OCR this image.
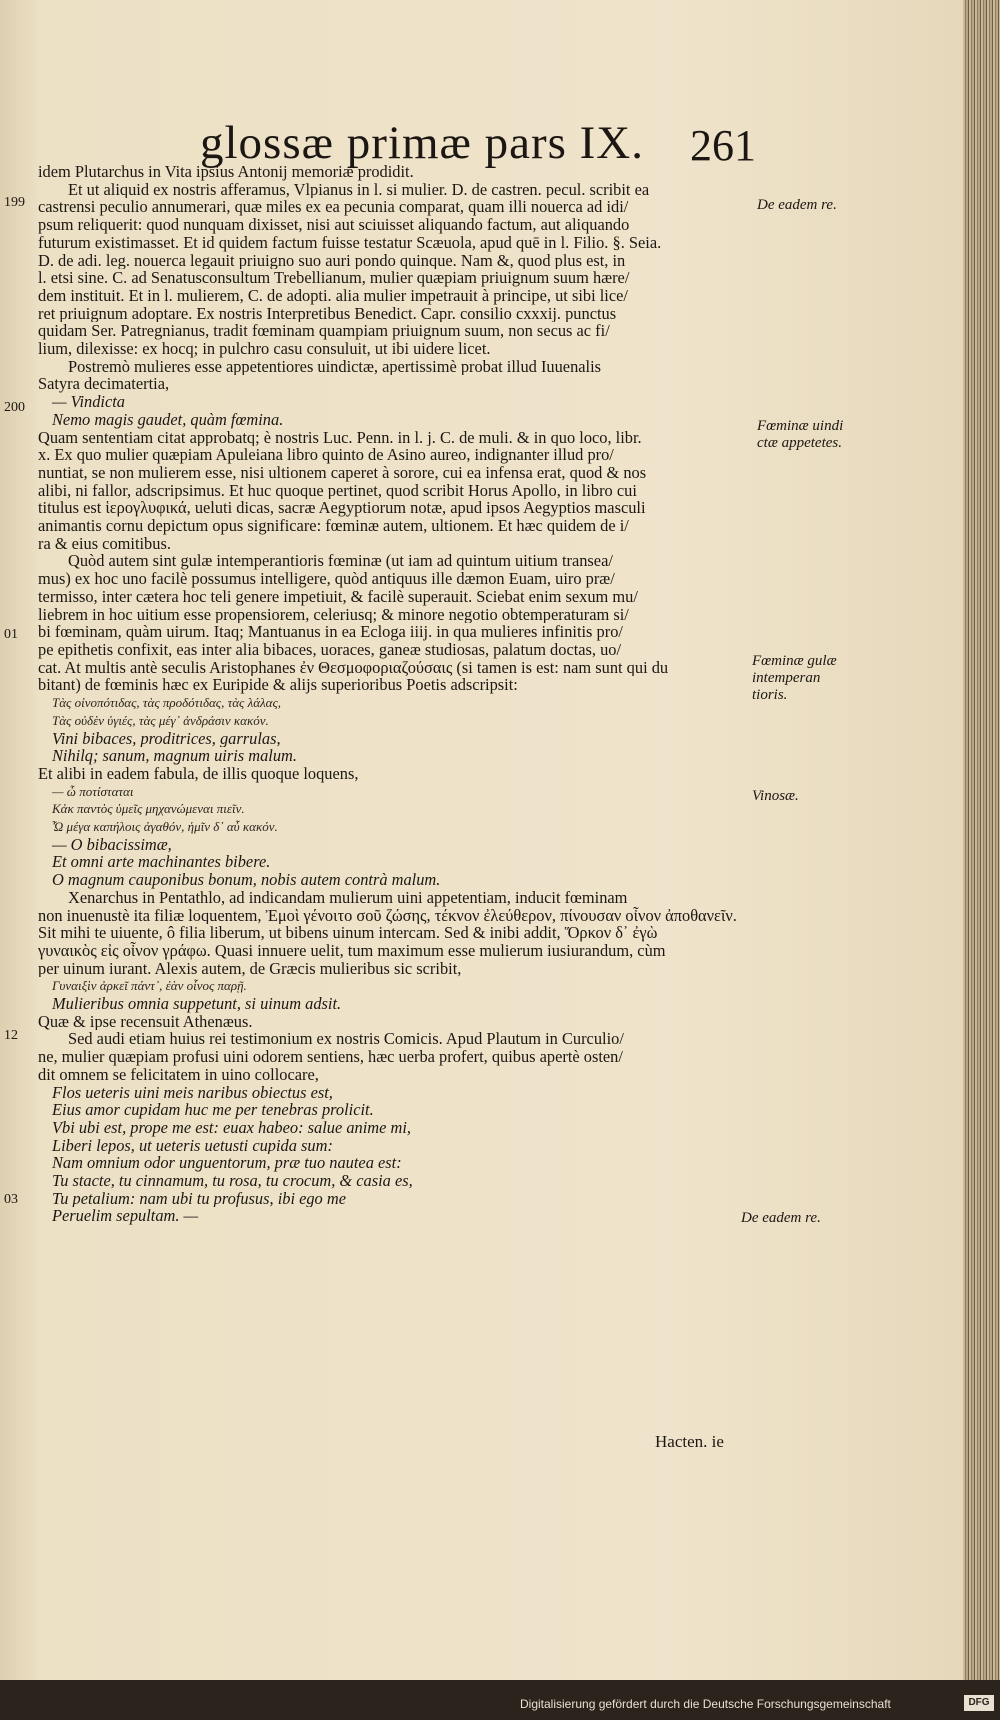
glossæ primæ pars IX. 261
idem Plutarchus in Vita ipsius Antonij memoriæ prodidit.
Et ut aliquid ex nostris afferamus, Vlpianus in l. si mulier. D. de castren. pecul. scribit ea
castrensi peculio annumerari, quæ miles ex ea pecunia comparat, quam illi nouerca ad idi/
psum reliquerit: quod nunquam dixisset, nisi aut sciuisset aliquando factum, aut aliquando
futurum existimasset. Et id quidem factum fuisse testatur Scæuola, apud quē in l. Filio. §. Seia.
D. de adi. leg. nouerca legauit priuigno suo auri pondo quinque. Nam &, quod plus est, in
l. etsi sine. C. ad Senatusconsultum Trebellianum, mulier quæpiam priuignum suum hære/
dem instituit. Et in l. mulierem, C. de adopti. alia mulier impetrauit à principe, ut sibi lice/
ret priuignum adoptare. Ex nostris Interpretibus Benedict. Capr. consilio cxxxij. punctus
quidam Ser. Patregnianus, tradit fœminam quampiam priuignum suum, non secus ac fi/
lium, dilexisse: ex hocq; in pulchro casu consuluit, ut ibi uidere licet.
Postremò mulieres esse appetentiores uindictæ, apertissimè probat illud Iuuenalis
Satyra decimatertia,
— Vindicta
Nemo magis gaudet, quàm fœmina.
Quam sententiam citat approbatq; è nostris Luc. Penn. in l. j. C. de muli. & in quo loco, libr.
x. Ex quo mulier quæpiam Apuleiana libro quinto de Asino aureo, indignanter illud pro/
nuntiat, se non mulierem esse, nisi ultionem caperet à sorore, cui ea infensa erat, quod & nos
alibi, ni fallor, adscripsimus. Et huc quoque pertinet, quod scribit Horus Apollo, in libro cui
titulus est ἱερογλυφικά, ueluti dicas, sacræ Aegyptiorum notæ, apud ipsos Aegyptios masculi
animantis cornu depictum opus significare: fœminæ autem, ultionem. Et hæc quidem de i/
ra & eius comitibus.
Quòd autem sint gulæ intemperantioris fœminæ (ut iam ad quintum uitium transea/
mus) ex hoc uno facilè possumus intelligere, quòd antiquus ille dæmon Euam, uiro præ/
termisso, inter cætera hoc teli genere impetiuit, & facilè superauit. Sciebat enim sexum mu/
liebrem in hoc uitium esse propensiorem, celeriusq; & minore negotio obtemperaturam si/
bi fœminam, quàm uirum. Itaq; Mantuanus in ea Ecloga iiij. in qua mulieres infinitis pro/
pe epithetis confixit, eas inter alia bibaces, uoraces, ganeæ studiosas, palatum doctas, uo/
cat. At multis antè seculis Aristophanes ἐν Θεσμοφοριαζούσαις (si tamen is est: nam sunt qui du
bitant) de fœminis hæc ex Euripide & alijs superioribus Poetis adscripsit:
Τὰς οἰνοπότιδας, τὰς προδότιδας, τὰς λάλας,
Τὰς οὐδὲν ὑγιές, τὰς μέγ᾽ ἀνδράσιν κακόν.
Vini bibaces, proditrices, garrulas,
Nihilq; sanum, magnum uiris malum.
Et alibi in eadem fabula, de illis quoque loquens,
— ὦ ποτίσταται
Κἀκ παντὸς ὑμεῖς μηχανώμεναι πιεῖν.
Ὦ μέγα καπήλοις ἀγαθόν, ἡμῖν δ᾽ αὖ κακόν.
— O bibacissimæ,
Et omni arte machinantes bibere.
O magnum cauponibus bonum, nobis autem contrà malum.
Xenarchus in Pentathlo, ad indicandam mulierum uini appetentiam, inducit fœminam
non inuenustè ita filiæ loquentem, Ἐμοὶ γένοιτο σοῦ ζώσης, τέκνον ἐλεύθερον, πίνουσαν οἶνον ἀποθανεῖν.
Sit mihi te uiuente, ô filia liberum, ut bibens uinum intercam. Sed & inibi addit, Ὅρκον δ᾽ ἐγὼ
γυναικὸς εἰς οἶνον γράφω. Quasi innuere uelit, tum maximum esse mulierum iusiurandum, cùm
per uinum iurant. Alexis autem, de Græcis mulieribus sic scribit,
Γυναιξὶν ἀρκεῖ πάντ᾽, ἐὰν οἶνος παρῇ.
Mulieribus omnia suppetunt, si uinum adsit.
Quæ & ipse recensuit Athenæus.
Sed audi etiam huius rei testimonium ex nostris Comicis. Apud Plautum in Curculio/
ne, mulier quæpiam profusi uini odorem sentiens, hæc uerba profert, quibus apertè osten/
dit omnem se felicitatem in uino collocare,
Flos ueteris uini meis naribus obiectus est,
Eius amor cupidam huc me per tenebras prolicit.
Vbi ubi est, prope me est: euax habeo: salue anime mi,
Liberi lepos, ut ueteris uetusti cupida sum:
Nam omnium odor unguentorum, præ tuo nautea est:
Tu stacte, tu cinnamum, tu rosa, tu crocum, & casia es,
Tu petalium: nam ubi tu profusus, ibi ego me
Peruelim sepultam. —
199
200
01
12
03
De eadem re.
Fœminæ uindi ctæ appetetes.
Fœminæ gulæ intemperan tioris.
Vinosæ.
De eadem re.
Hacten. ie
Digitalisierung gefördert durch die Deutsche Forschungsgemeinschaft	DFG
